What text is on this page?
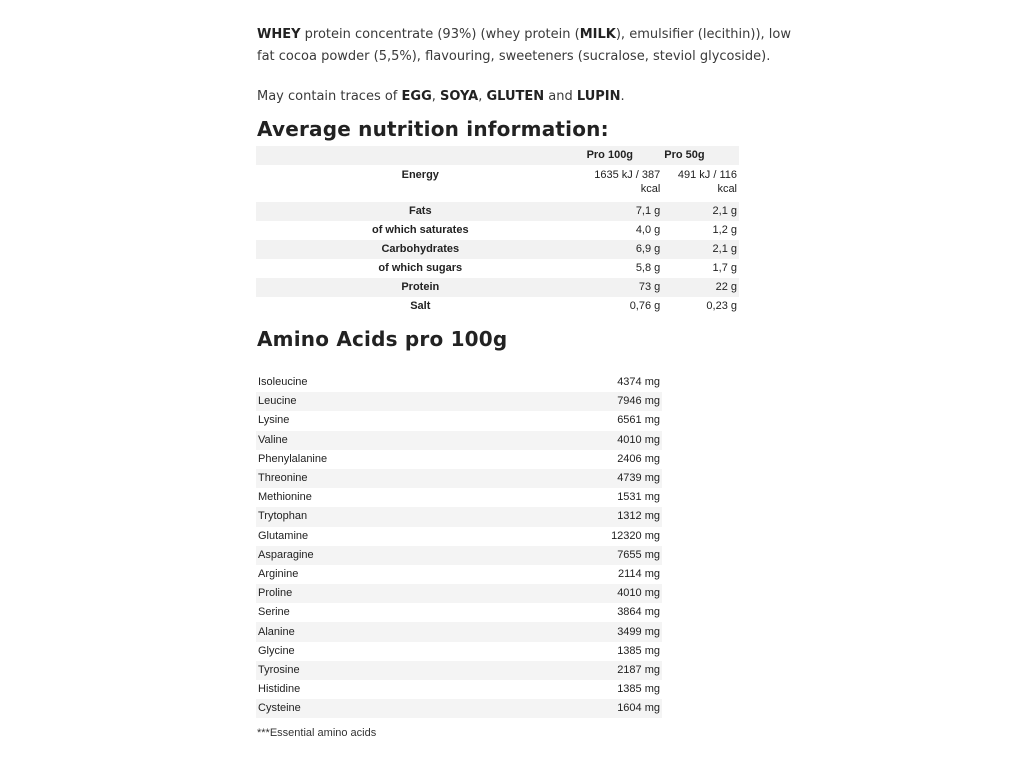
WHEY protein concentrate (93%) (whey protein (MILK), emulsifier (lecithin)), low fat cocoa powder (5,5%), flavouring, sweeteners (sucralose, steviol glycoside).

May contain traces of EGG, SOYA, GLUTEN and LUPIN.

Average nutrition information:
	Pro 100g	Pro 50g
Energy	1635 kJ / 387 kcal	491 kJ / 116 kcal
Fats	7,1 g	2,1 g
of which saturates	4,0 g	1,2 g
Carbohydrates	6,9 g	2,1 g
of which sugars	5,8 g	1,7 g
Protein	73 g	22 g
Salt	0,76 g	0,23 g
Amino Acids pro 100g
Isoleucine	4374 mg
Leucine	7946 mg
Lysine	6561 mg
Valine	4010 mg
Phenylalanine	2406 mg
Threonine	4739 mg
Methionine	1531 mg
Trytophan	1312 mg
Glutamine	12320 mg
Asparagine	7655 mg
Arginine	2114 mg
Proline	4010 mg
Serine	3864 mg
Alanine	3499 mg
Glycine	1385 mg
Tyrosine	2187 mg
Histidine	1385 mg
Cysteine	1604 mg
***Essential amino acids
